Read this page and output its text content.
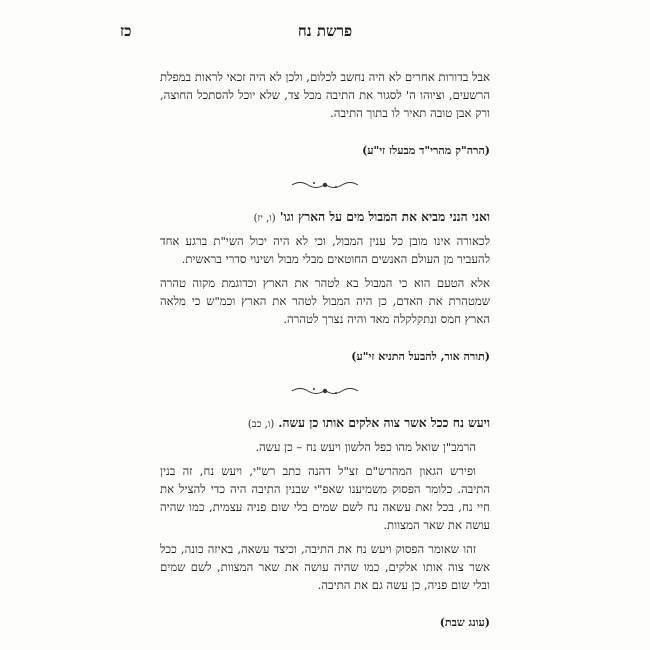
פרשת נח
כז

אבל בדורות אחרים לא היה נחשב לכלום, ולכן לא היה זכאי לראות במפלת הרשעים, וציוהו ה' לסגור את התיבה מכל צד, שלא יוכל להסתכל החוצה, ורק אבן טובה תאיר לו בתוך התיבה.

(הרה"ק מהרי"ד מבעלז זי"ע)

ואני הנני מביא את המבול מים על הארץ וגו'(ו, יז)

לכאורה אינו מובן כל ענין המבול, וכי לא היה יכול השי"ת ברגע אחד להעביר מן העולם האנשים החוטאים מבלי מבול ושינוי סדרי בראשית.

אלא הטעם הוא כי המבול בא לטהר את הארץ וכדוגמת מקוה טהרה שמטהרת את האדם, כן היה המבול לטהר את הארץ וכמ"ש כי מלאה הארץ חמס ונתקלקלה מאד והיה נצרך לטהרה.

(תורה אור, להבעל התניא זי"ע)

ויעש נח ככל אשר צוה אלקים אותו כן עשה.(ו, כב)

הרמב"ן שואל מהו כפל הלשון ויעש נח – כן עשה.

ופירש הגאון המהרש"ם זצ"ל דהנה כתב רש"י, ויעש נח, זה בנין התיבה. כלומר הפסוק משמיענו שאפ"י שבנין התיבה היה כדי להציל את חיי נח, בכל זאת עשאה נח לשם שמים בלי שום פניה עצמית, כמו שהיה עושה את שאר המצוות.

זהו שאומר הפסוק ויעש נח את התיבה, וכיצד עשאה, באיזה כונה, ככל אשר צוה אותו אלקים, כמו שהיה עושה את שאר המצוות, לשם שמים ובלי שום פניה, כן עשה גם את התיבה.

(עונג שבת)
